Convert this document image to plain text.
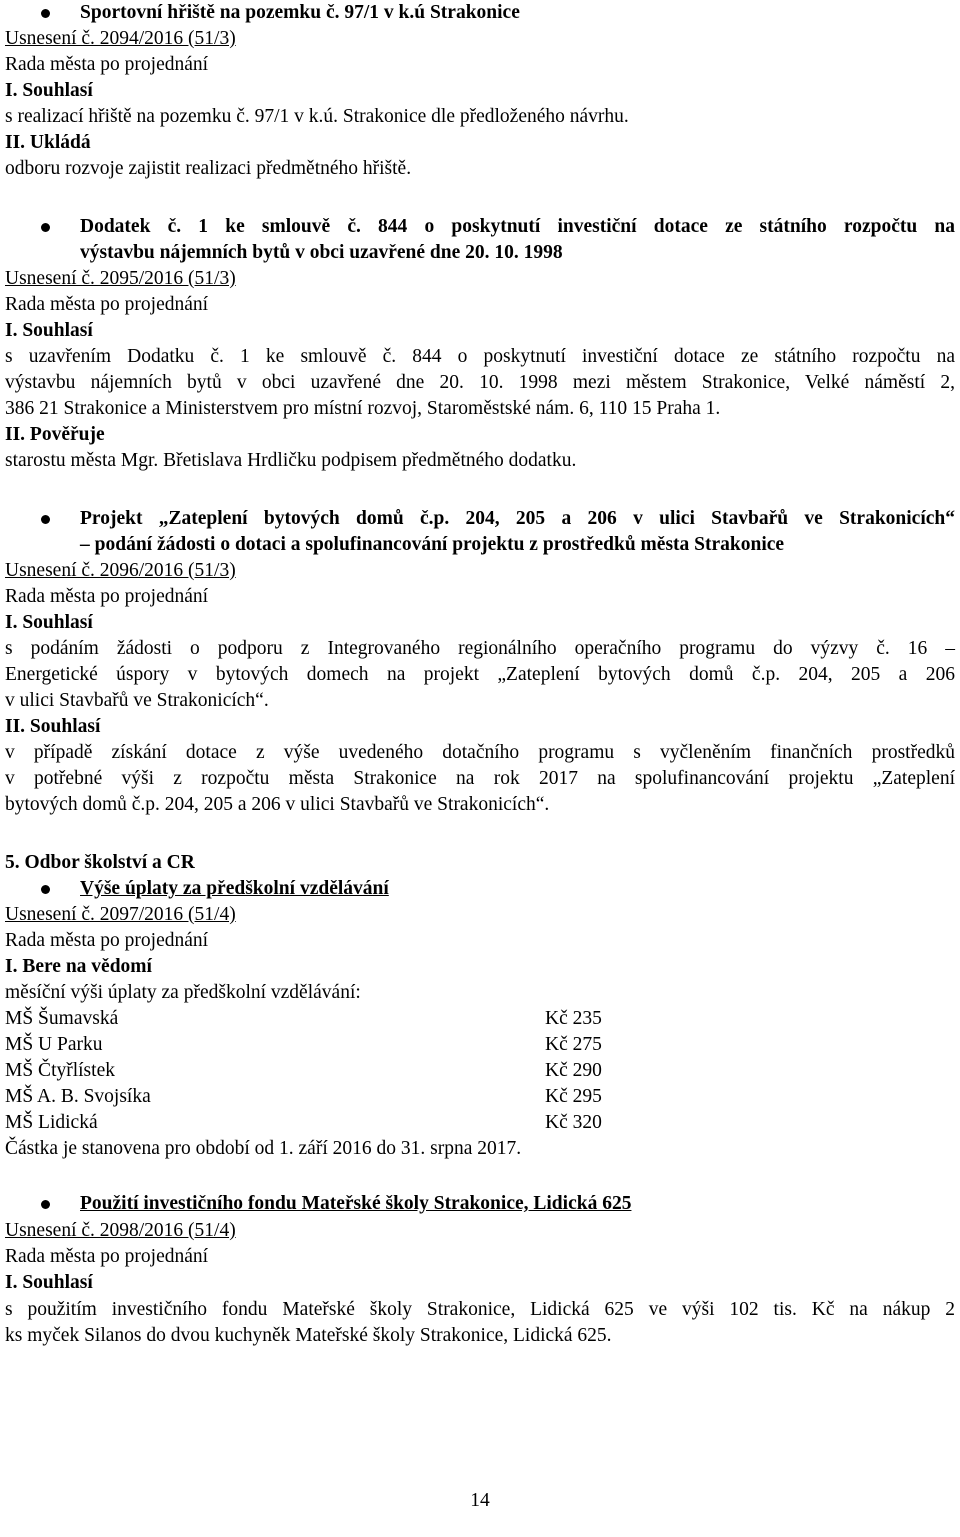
Sportovní hřiště na pozemku č. 97/1 v k.ú Strakonice
Usnesení č. 2094/2016 (51/3)
Rada města po projednání
I. Souhlasí
s realizací hřiště na pozemku č. 97/1 v k.ú. Strakonice dle předloženého návrhu.
II. Ukládá
odboru rozvoje zajistit realizaci předmětného hřiště.
Dodatek č. 1 ke smlouvě č. 844 o poskytnutí investiční dotace ze státního rozpočtu na
výstavbu nájemních bytů v obci uzavřené dne 20. 10. 1998
Usnesení č. 2095/2016 (51/3)
Rada města po projednání
I. Souhlasí
s uzavřením Dodatku č. 1 ke smlouvě č. 844 o poskytnutí investiční dotace ze státního rozpočtu na
výstavbu nájemních bytů v obci uzavřené dne 20. 10. 1998 mezi městem Strakonice, Velké náměstí 2,
386 21 Strakonice a Ministerstvem pro místní rozvoj, Staroměstské nám. 6, 110 15 Praha 1.
II. Pověřuje
starostu města Mgr. Břetislava Hrdličku podpisem předmětného dodatku.
Projekt „Zateplení bytových domů č.p. 204, 205 a 206 v ulici Stavbařů ve Strakonicích“
– podání žádosti o dotaci a spolufinancování projektu z prostředků města Strakonice
Usnesení č. 2096/2016 (51/3)
Rada města po projednání
I. Souhlasí
s podáním žádosti o podporu z Integrovaného regionálního operačního programu do výzvy č. 16 –
Energetické úspory v bytových domech na projekt „Zateplení bytových domů č.p. 204, 205 a 206
v ulici Stavbařů ve Strakonicích“.
II. Souhlasí
v případě získání dotace z výše uvedeného dotačního programu s vyčleněním finančních prostředků
v potřebné výši z rozpočtu města Strakonice na rok 2017 na spolufinancování projektu „Zateplení
bytových domů č.p. 204, 205 a 206 v ulici Stavbařů ve Strakonicích“.
5. Odbor školství a CR
Výše úplaty za předškolní vzdělávání
Usnesení č. 2097/2016 (51/4)
Rada města po projednání
I. Bere na vědomí
měsíční výši úplaty za předškolní vzdělávání:
MŠ Šumavská	Kč 235
MŠ U Parku	Kč 275
MŠ Čtyřlístek	Kč 290
MŠ A. B. Svojsíka	Kč 295
MŠ Lidická	Kč 320
Částka je stanovena pro období od 1. září 2016 do 31. srpna 2017.
Použití investičního fondu Mateřské školy Strakonice, Lidická 625
Usnesení č. 2098/2016 (51/4)
Rada města po projednání
I. Souhlasí
s použitím investičního fondu Mateřské školy Strakonice, Lidická 625 ve výši 102 tis. Kč na nákup 2
ks myček Silanos do dvou kuchyněk Mateřské školy Strakonice, Lidická 625.
14
